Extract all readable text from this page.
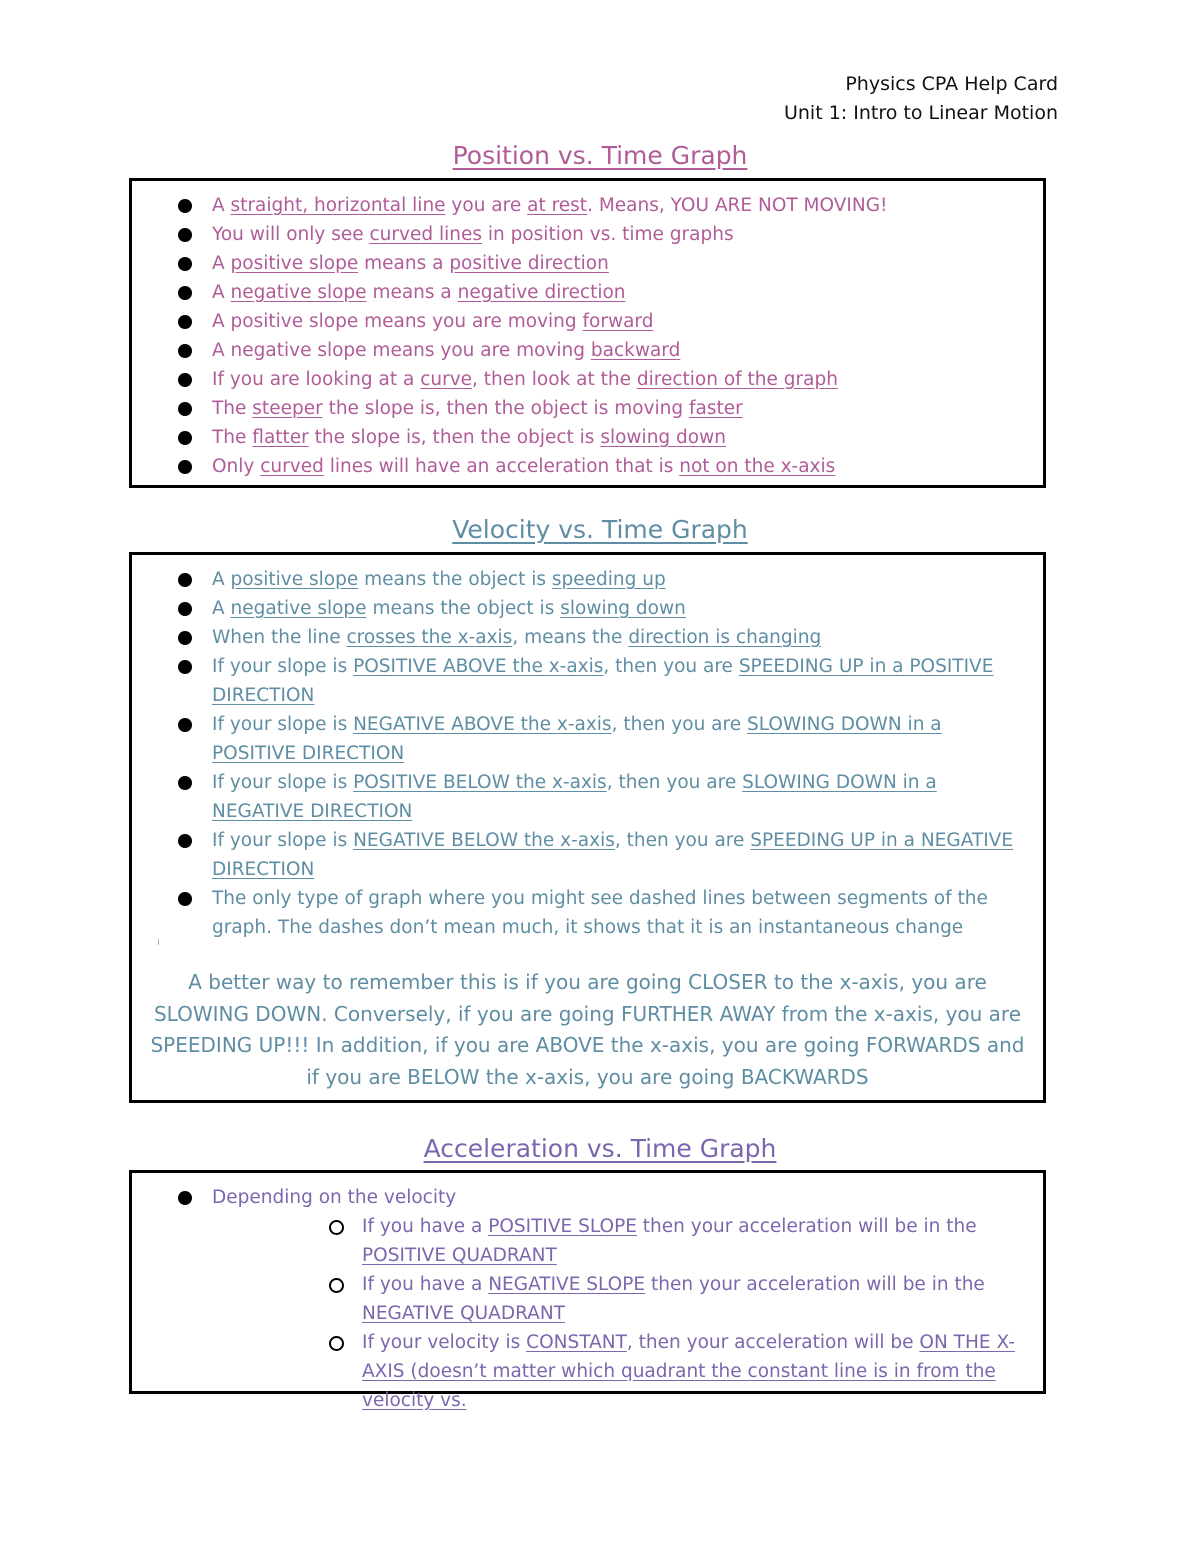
Physics CPA Help Card
Unit 1: Intro to Linear Motion
Position vs. Time Graph
A straight, horizontal line you are at rest. Means, YOU ARE NOT MOVING!
You will only see curved lines in position vs. time graphs
A positive slope means a positive direction
A negative slope means a negative direction
A positive slope means you are moving forward
A negative slope means you are moving backward
If you are looking at a curve, then look at the direction of the graph
The steeper the slope is, then the object is moving faster
The flatter the slope is, then the object is slowing down
Only curved lines will have an acceleration that is not on the x-axis
Velocity vs. Time Graph
A positive slope means the object is speeding up
A negative slope means the object is slowing down
When the line crosses the x-axis, means the direction is changing
If your slope is POSITIVE ABOVE the x-axis, then you are SPEEDING UP in a POSITIVE DIRECTION
If your slope is NEGATIVE ABOVE the x-axis, then you are SLOWING DOWN in a POSITIVE DIRECTION
If your slope is POSITIVE BELOW the x-axis, then you are SLOWING DOWN in a NEGATIVE DIRECTION
If your slope is NEGATIVE BELOW the x-axis, then you are SPEEDING UP in a NEGATIVE DIRECTION
The only type of graph where you might see dashed lines between segments of the graph. The dashes don’t mean much, it shows that it is an instantaneous change
A better way to remember this is if you are going CLOSER to the x-axis, you are SLOWING DOWN. Conversely, if you are going FURTHER AWAY from the x-axis, you are SPEEDING UP!!! In addition, if you are ABOVE the x-axis, you are going FORWARDS and if you are BELOW the x-axis, you are going BACKWARDS
Acceleration vs. Time Graph
Depending on the velocity
If you have a POSITIVE SLOPE then your acceleration will be in the POSITIVE QUADRANT
If you have a NEGATIVE SLOPE then your acceleration will be in the NEGATIVE QUADRANT
If your velocity is CONSTANT, then your acceleration will be ON THE X-AXIS (doesn’t matter which quadrant the constant line is in from the velocity vs.
